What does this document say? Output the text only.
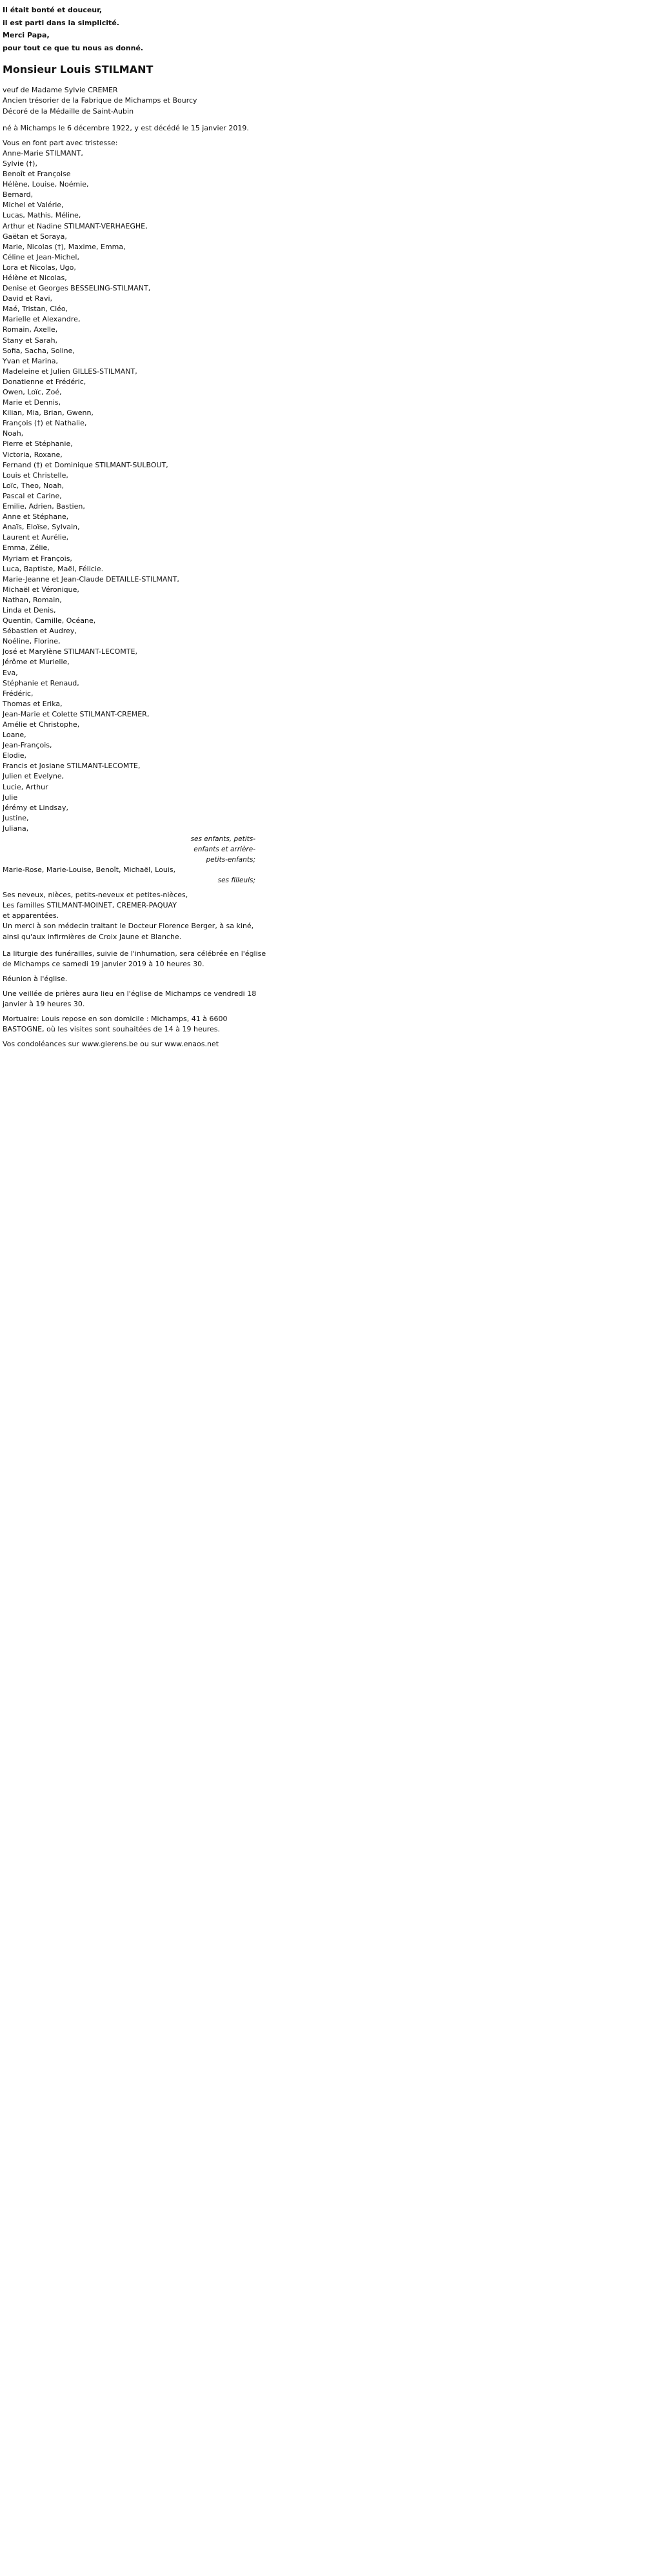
Il était bonté et douceur,

il est parti dans la simplicité.

Merci Papa,

pour tout ce que tu nous as donné.

Monsieur Louis STILMANT

veuf de Madame Sylvie CREMER

Ancien trésorier de la Fabrique de Michamps et Bourcy

Décoré de la Médaille de Saint-Aubin

né à Michamps le 6 décembre 1922, y est décédé le 15 janvier 2019.

Vous en font part avec tristesse:

Anne-Marie STILMANT,

Sylvie (†),

Benoît et Françoise

Hélène, Louise, Noémie,

Bernard,

Michel et Valérie,

Lucas, Mathis, Méline,

Arthur et Nadine STILMANT-VERHAEGHE,

Gaëtan et Soraya,

Marie, Nicolas (†), Maxime, Emma,

Céline et Jean-Michel,

Lora et Nicolas, Ugo,

Hélène et Nicolas,

Denise et Georges BESSELING-STILMANT,

David et Ravi,

Maé, Tristan, Cléo,

Marielle et Alexandre,

Romain, Axelle,

Stany et Sarah,

Sofia, Sacha, Soline,

Yvan et Marina,

Madeleine et Julien GILLES-STILMANT,

Donatienne et Frédéric,

Owen, Loïc, Zoé,

Marie et Dennis,

Kilian, Mia, Brian, Gwenn,

François (†) et Nathalie,

Noah,

Pierre et Stéphanie,

Victoria, Roxane,

Fernand (†) et Dominique STILMANT-SULBOUT,

Louis et Christelle,

Loïc, Theo, Noah,

Pascal et Carine,

Emilie, Adrien, Bastien,

Anne et Stéphane,

Anaïs, Eloïse, Sylvain,

Laurent et Aurélie,

Emma, Zélie,

Myriam et François,

Luca, Baptiste, Maël, Félicie.

Marie-Jeanne et Jean-Claude DETAILLE-STILMANT,

Michaël et Véronique,

Nathan, Romain,

Linda et Denis,

Quentin, Camille, Océane,

Sébastien et Audrey,

Noéline, Florine,

José et Marylène STILMANT-LECOMTE,

Jérôme et Murielle,

Eva,

Stéphanie et Renaud,

Frédéric,

Thomas et Erika,

Jean-Marie et Colette STILMANT-CREMER,

Amélie et Christophe,

Loane,

Jean-François,

Elodie,

Francis et Josiane STILMANT-LECOMTE,

Julien et Evelyne,

Lucie, Arthur

Julie

Jérémy et Lindsay,

Justine,

Juliana,

ses enfants, petits-

enfants et arrière-

petits-enfants;

Marie-Rose, Marie-Louise, Benoît, Michaël, Louis,

ses filleuls;

Ses neveux, nièces, petits-neveux et petites-nièces,

Les familles STILMANT-MOINET, CREMER-PAQUAY

et apparentées.

Un merci à son médecin traitant le Docteur Florence Berger, à sa kiné,

ainsi qu'aux infirmières de Croix Jaune et Blanche.

La liturgie des funérailles, suivie de l'inhumation, sera célébrée en l'église

de Michamps ce samedi 19 janvier 2019 à 10 heures 30.

Réunion à l'église.

Une veillée de prières aura lieu en l'église de Michamps ce vendredi 18

janvier à 19 heures 30.

Mortuaire: Louis repose en son domicile : Michamps, 41 à 6600

BASTOGNE, où les visites sont souhaitées de 14 à 19 heures.

Vos condoléances sur www.gierens.be ou sur www.enaos.net
